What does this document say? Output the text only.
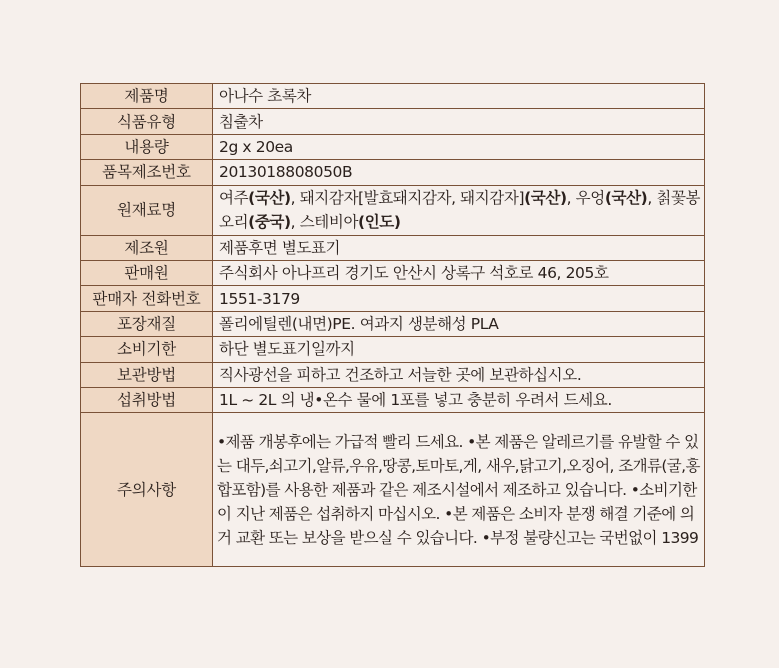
제품명	아나수 초록차
식품유형	침출차
내용량	2g x 20ea
품목제조번호	2013018808050B
원재료명	여주(국산), 돼지감자[발효돼지감자, 돼지감자](국산), 우엉(국산), 칡꽃봉오리(중국), 스테비아(인도)
제조원	제품후면 별도표기
판매원	주식회사 아나프리 경기도 안산시 상록구 석호로 46, 205호
판매자 전화번호	1551-3179
포장재질	폴리에틸렌(내면)PE. 여과지 생분해성 PLA
소비기한	하단 별도표기일까지
보관방법	직사광선을 피하고 건조하고 서늘한 곳에 보관하십시오.
섭취방법	1L ~ 2L 의 냉•온수 물에 1포를 넣고 충분히 우려서 드세요.
주의사항	•제품 개봉후에는 가급적 빨리 드세요. •본 제품은 알레르기를 유발할 수 있는 대두,쇠고기,알류,우유,땅콩,토마토,게, 새우,닭고기,오징어, 조개류(굴,홍합포함)를 사용한 제품과 같은 제조시설에서 제조하고 있습니다. •소비기한이 지난 제품은 섭취하지 마십시오. •본 제품은 소비자 분쟁 해결 기준에 의거 교환 또는 보상을 받으실 수 있습니다. •부정 불량신고는 국번없이 1399
